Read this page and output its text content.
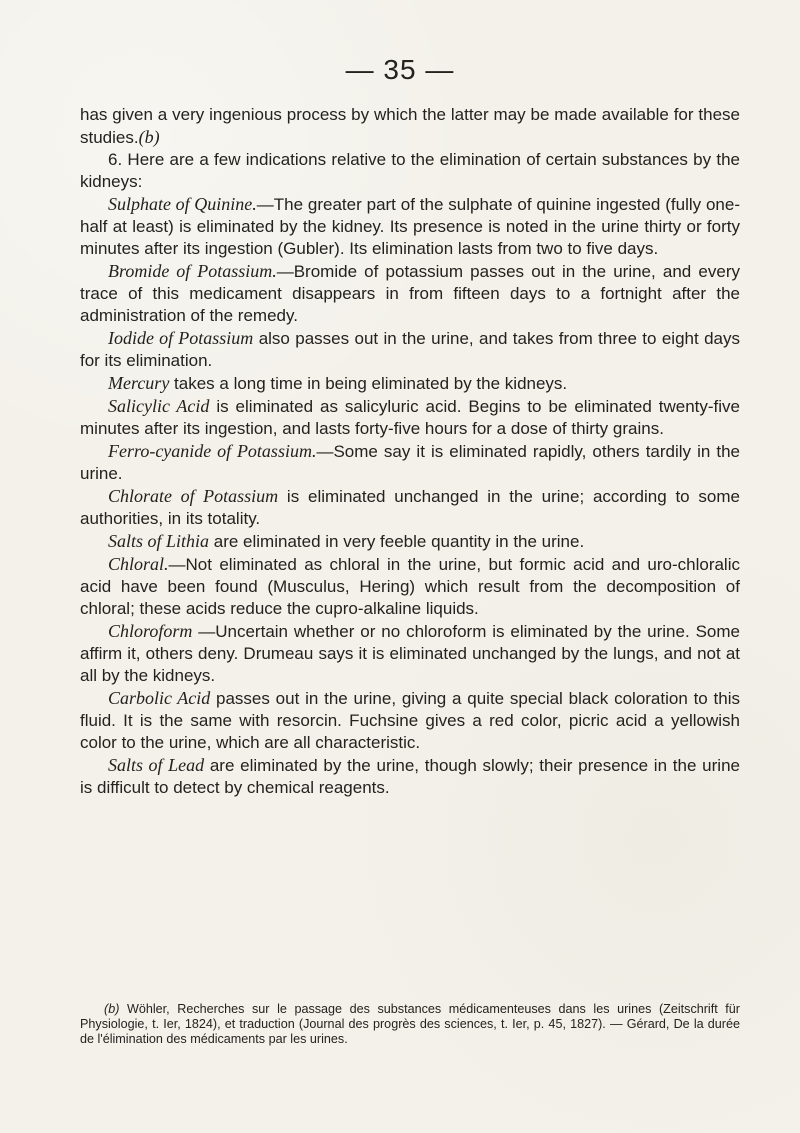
— 35 —

has given a very ingenious process by which the latter may be made available for these studies.(b)

6. Here are a few indications relative to the elimination of certain substances by the kidneys:

Sulphate of Quinine.—The greater part of the sulphate of quinine ingested (fully one-half at least) is eliminated by the kidney. Its presence is noted in the urine thirty or forty minutes after its ingestion (Gubler). Its elimination lasts from two to five days.

Bromide of Potassium.—Bromide of potassium passes out in the urine, and every trace of this medicament disappears in from fifteen days to a fortnight after the administration of the remedy.

Iodide of Potassium also passes out in the urine, and takes from three to eight days for its elimination.

Mercury takes a long time in being eliminated by the kidneys.

Salicylic Acid is eliminated as salicyluric acid. Begins to be eliminated twenty-five minutes after its ingestion, and lasts forty-five hours for a dose of thirty grains.

Ferro-cyanide of Potassium.—Some say it is eliminated rapidly, others tardily in the urine.

Chlorate of Potassium is eliminated unchanged in the urine; according to some authorities, in its totality.

Salts of Lithia are eliminated in very feeble quantity in the urine.

Chloral.—Not eliminated as chloral in the urine, but formic acid and uro-chloralic acid have been found (Musculus, Hering) which result from the decomposition of chloral; these acids reduce the cupro-alkaline liquids.

Chloroform —Uncertain whether or no chloroform is eliminated by the urine. Some affirm it, others deny. Drumeau says it is eliminated unchanged by the lungs, and not at all by the kidneys.

Carbolic Acid passes out in the urine, giving a quite special black coloration to this fluid. It is the same with resorcin. Fuchsine gives a red color, picric acid a yellowish color to the urine, which are all characteristic.

Salts of Lead are eliminated by the urine, though slowly; their presence in the urine is difficult to detect by chemical reagents.

(b) Wöhler, Recherches sur le passage des substances médicamenteuses dans les urines (Zeitschrift für Physiologie, t. Ier, 1824), et traduction (Journal des progrès des sciences, t. Ier, p. 45, 1827). — Gérard, De la durée de l'élimination des médicaments par les urines.
